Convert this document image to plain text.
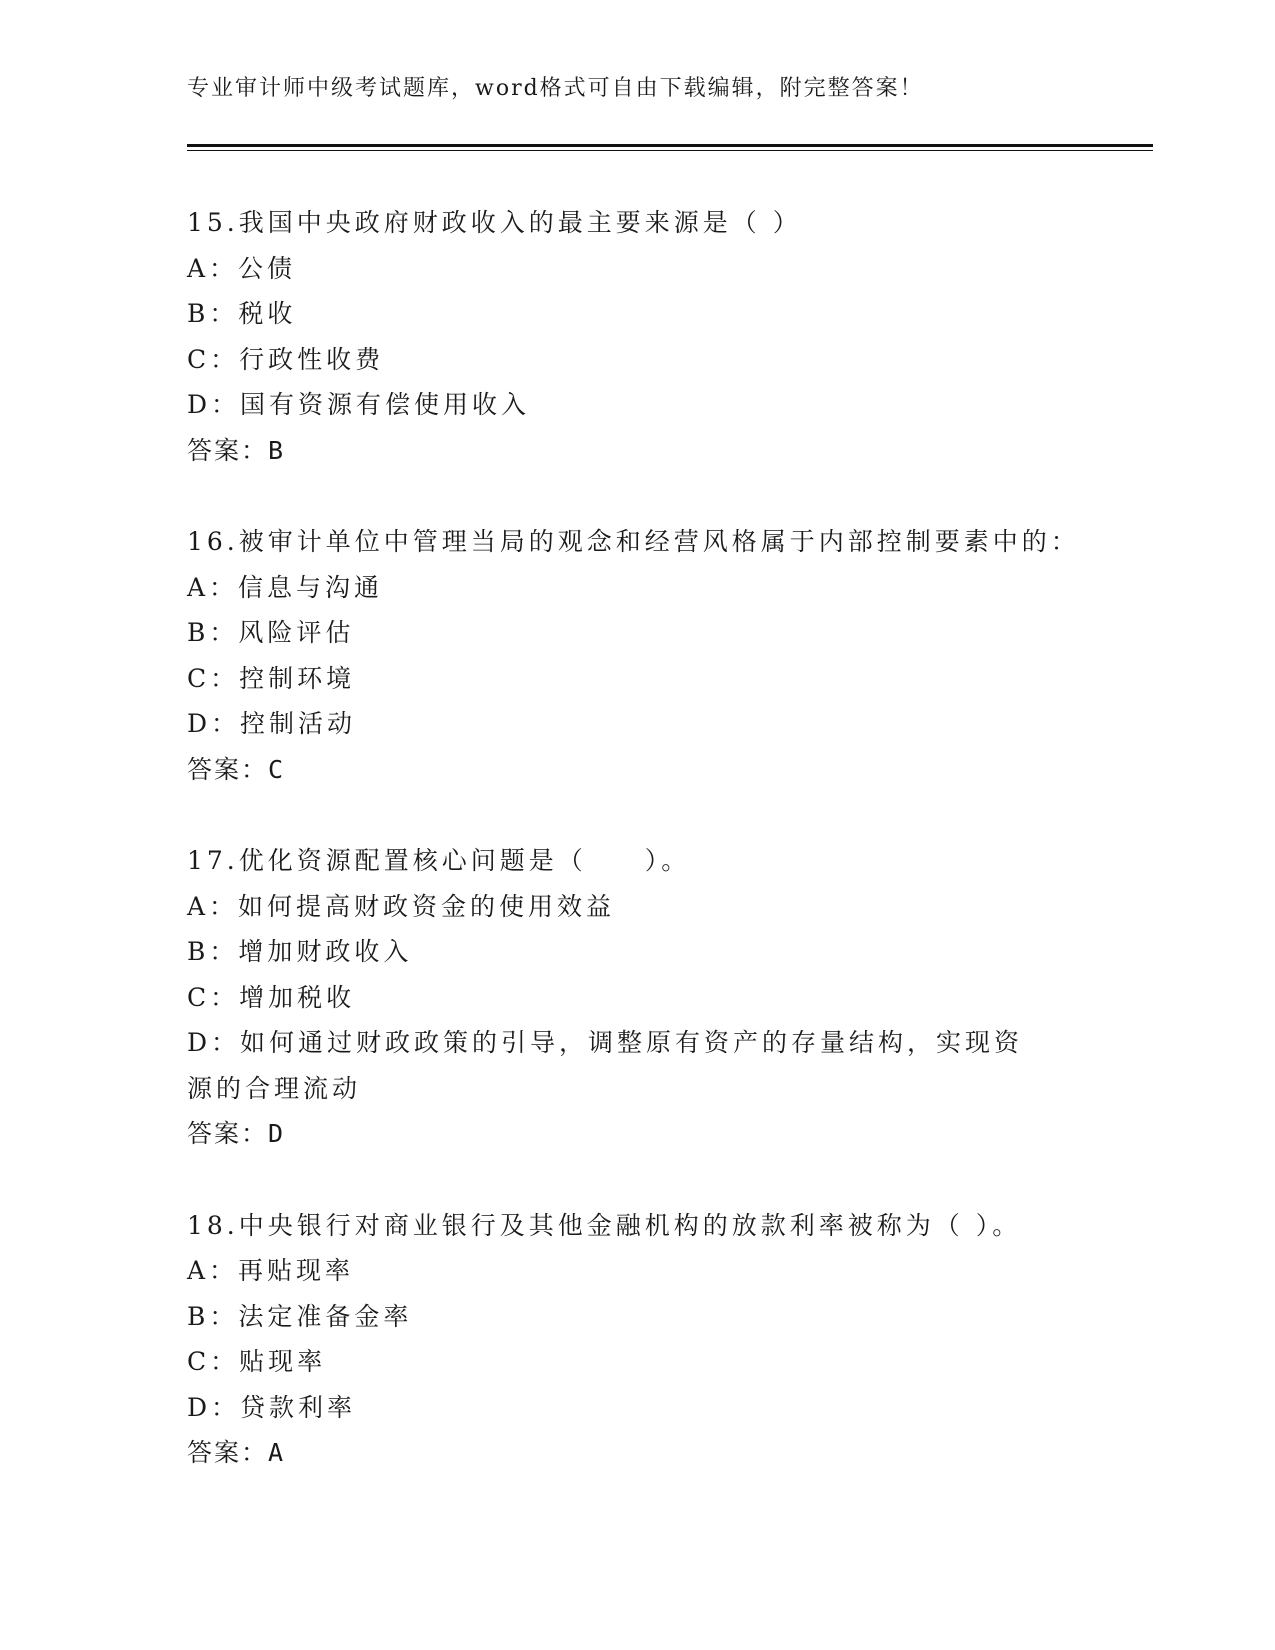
专业审计师中级考试题库，word格式可自由下载编辑，附完整答案！
15.我国中央政府财政收入的最主要来源是（ ）
A：公债
B：税收
C：行政性收费
D：国有资源有偿使用收入
答案：B
16.被审计单位中管理当局的观念和经营风格属于内部控制要素中的：
A：信息与沟通
B：风险评估
C：控制环境
D：控制活动
答案：C
17.优化资源配置核心问题是（　　）。
A：如何提高财政资金的使用效益
B：增加财政收入
C：增加税收
D：如何通过财政政策的引导，调整原有资产的存量结构，实现资源的合理流动
答案：D
18.中央银行对商业银行及其他金融机构的放款利率被称为（ ）。
A：再贴现率
B：法定准备金率
C：贴现率
D：贷款利率
答案：A
